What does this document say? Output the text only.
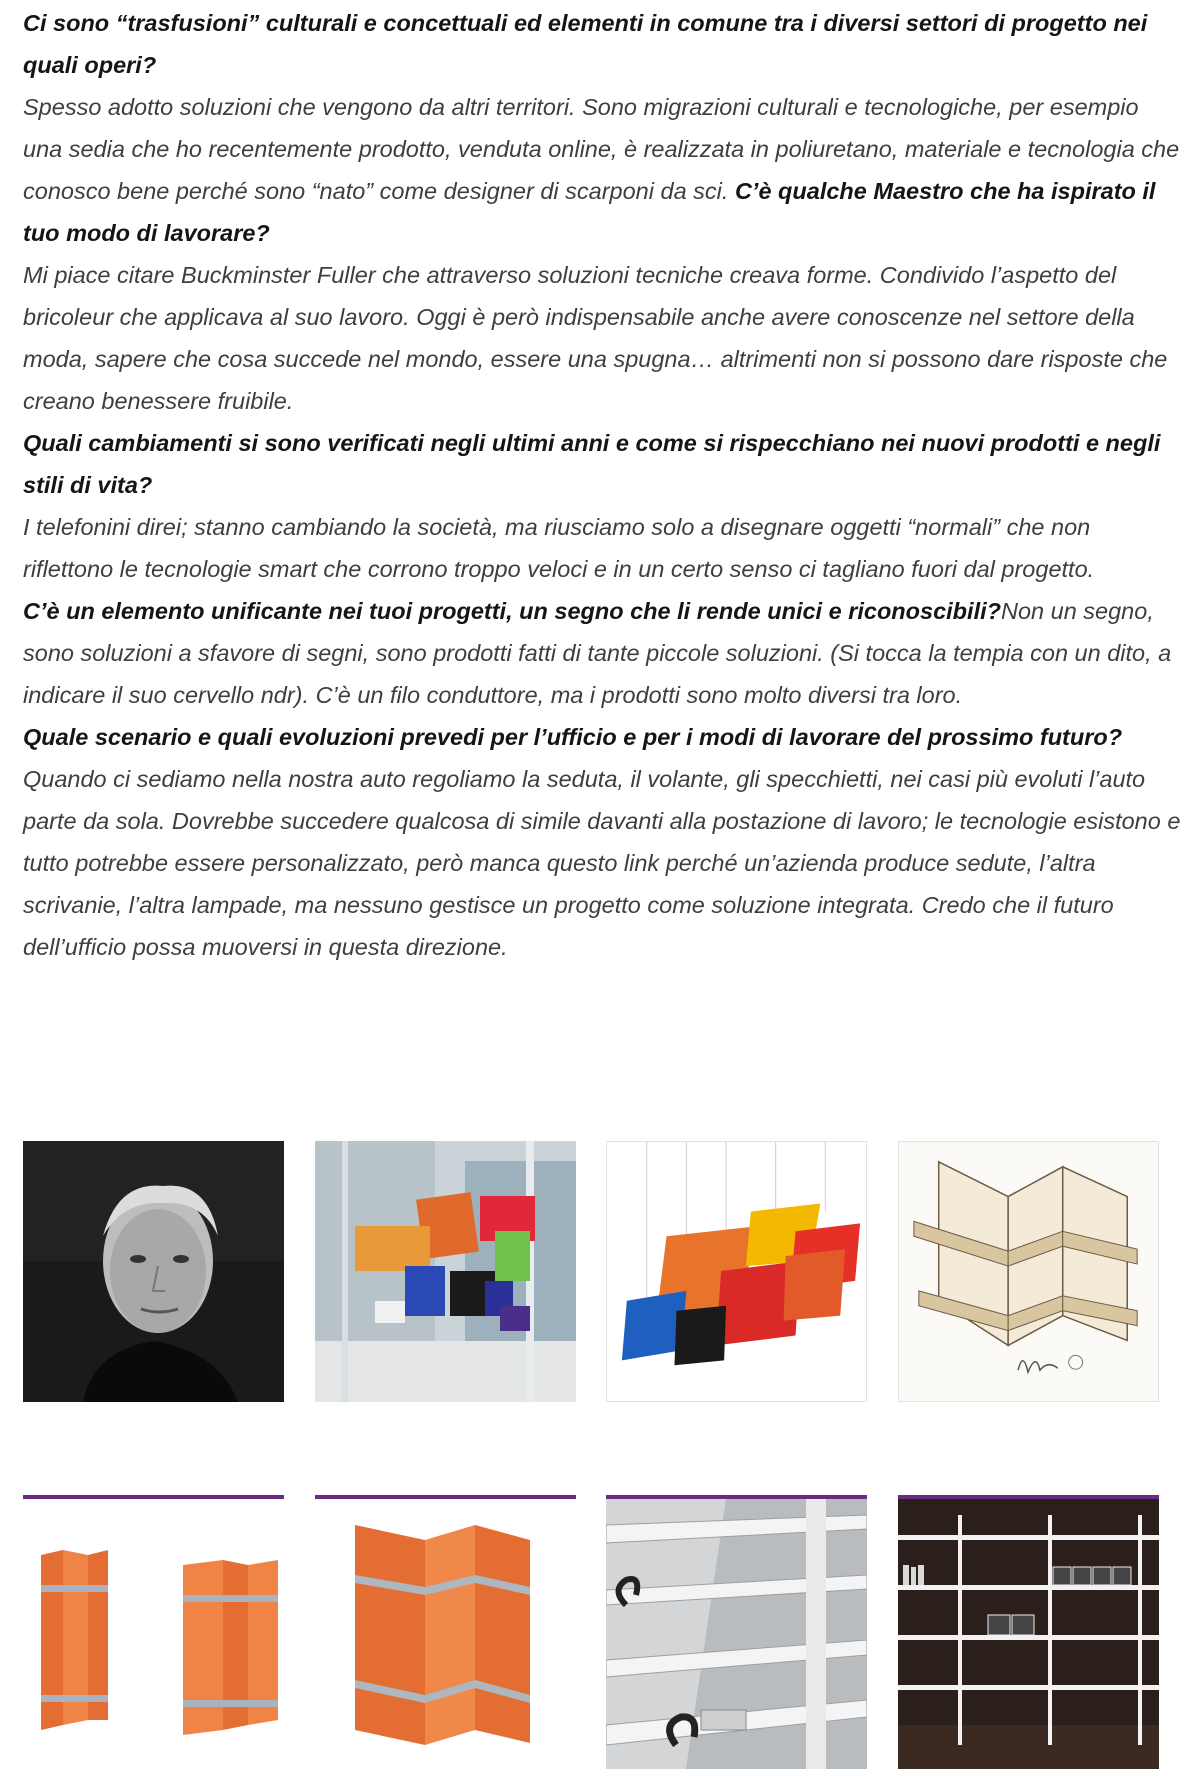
Ci sono “trasfusioni” culturali e concettuali ed elementi in comune tra i diversi settori di progetto nei quali operi?
Spesso adotto soluzioni che vengono da altri territori. Sono migrazioni culturali e tecnologiche, per esempio una sedia che ho recentemente prodotto, venduta online, è realizzata in poliuretano, materiale e tecnologia che conosco bene perché sono “nato” come designer di scarponi da sci. C’è qualche Maestro che ha ispirato il tuo modo di lavorare?
Mi piace citare Buckminster Fuller che attraverso soluzioni tecniche creava forme. Condivido l’aspetto del bricoleur che applicava al suo lavoro. Oggi è però indispensabile anche avere conoscenze nel settore della moda, sapere che cosa succede nel mondo, essere una spugna… altrimenti non si possono dare risposte che creano benessere fruibile.
Quali cambiamenti si sono verificati negli ultimi anni e come si rispecchiano nei nuovi prodotti e negli stili di vita?
I telefonini direi; stanno cambiando la società, ma riusciamo solo a disegnare oggetti “normali” che non riflettono le tecnologie smart che corrono troppo veloci e in un certo senso ci tagliano fuori dal progetto.
C’è un elemento unificante nei tuoi progetti, un segno che li rende unici e riconoscibili?Non un segno, sono soluzioni a sfavore di segni, sono prodotti fatti di tante piccole soluzioni. (Si tocca la tempia con un dito, a indicare il suo cervello ndr). C’è un filo conduttore, ma i prodotti sono molto diversi tra loro.
Quale scenario e quali evoluzioni prevedi per l’ufficio e per i modi di lavorare del prossimo futuro?
Quando ci sediamo nella nostra auto regoliamo la seduta, il volante, gli specchietti, nei casi più evoluti l’auto parte da sola. Dovrebbe succedere qualcosa di simile davanti alla postazione di lavoro; le tecnologie esistono e tutto potrebbe essere personalizzato, però manca questo link perché un’azienda produce sedute, l’altra scrivanie, l’altra lampade, ma nessuno gestisce un progetto come soluzione integrata. Credo che il futuro dell’ufficio possa muoversi in questa direzione.
